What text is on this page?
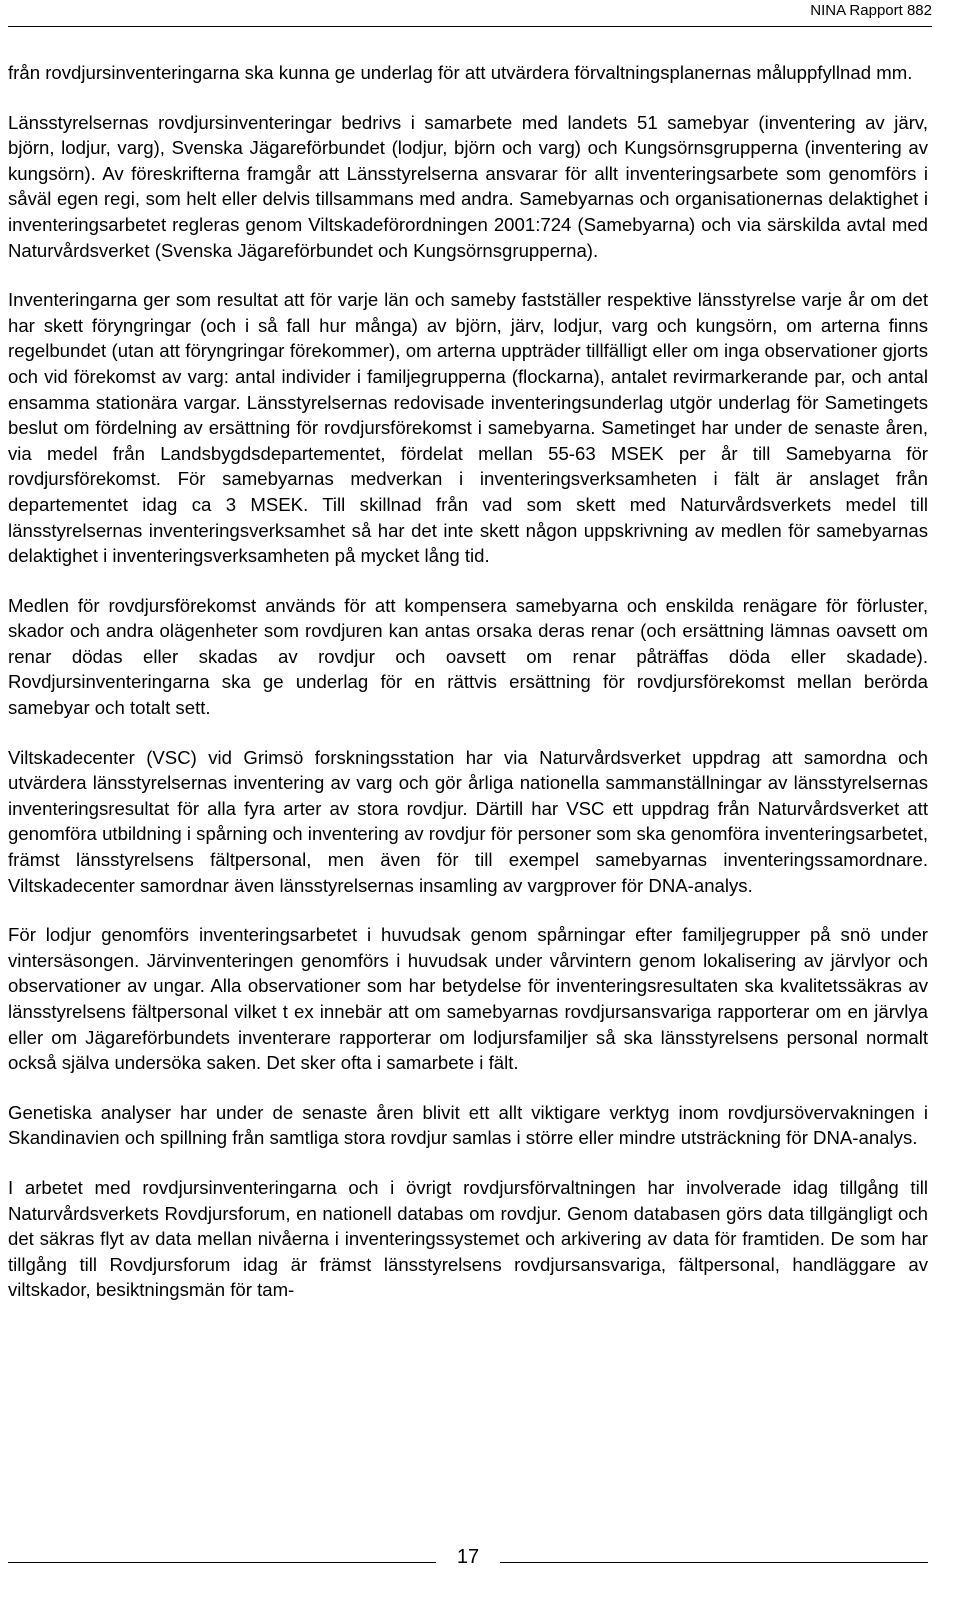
NINA Rapport 882

från rovdjursinventeringarna ska kunna ge underlag för att utvärdera förvaltningsplanernas måluppfyllnad mm.

Länsstyrelsernas rovdjursinventeringar bedrivs i samarbete med landets 51 samebyar (inventering av järv, björn, lodjur, varg), Svenska Jägareförbundet (lodjur, björn och varg) och Kungsörnsgrupperna (inventering av kungsörn). Av föreskrifterna framgår att Länsstyrelserna ansvarar för allt inventeringsarbete som genomförs i såväl egen regi, som helt eller delvis tillsammans med andra. Samebyarnas och organisationernas delaktighet i inventeringsarbetet regleras genom Viltskadeförordningen 2001:724 (Samebyarna) och via särskilda avtal med Naturvårdsverket (Svenska Jägareförbundet och Kungsörnsgrupperna).

Inventeringarna ger som resultat att för varje län och sameby fastställer respektive länsstyrelse varje år om det har skett föryngringar (och i så fall hur många) av björn, järv, lodjur, varg och kungsörn, om arterna finns regelbundet (utan att föryngringar förekommer), om arterna uppträder tillfälligt eller om inga observationer gjorts och vid förekomst av varg: antal individer i familjegrupperna (flockarna), antalet revirmarkerande par, och antal ensamma stationära vargar. Länsstyrelsernas redovisade inventeringsunderlag utgör underlag för Sametingets beslut om fördelning av ersättning för rovdjursförekomst i samebyarna. Sametinget har under de senaste åren, via medel från Landsbygdsdepartementet, fördelat mellan 55-63 MSEK per år till Samebyarna för rovdjursförekomst. För samebyarnas medverkan i inventeringsverksamheten i fält är anslaget från departementet idag ca 3 MSEK. Till skillnad från vad som skett med Naturvårdsverkets medel till länsstyrelsernas inventeringsverksamhet så har det inte skett någon uppskrivning av medlen för samebyarnas delaktighet i inventeringsverksamheten på mycket lång tid.

Medlen för rovdjursförekomst används för att kompensera samebyarna och enskilda renägare för förluster, skador och andra olägenheter som rovdjuren kan antas orsaka deras renar (och ersättning lämnas oavsett om renar dödas eller skadas av rovdjur och oavsett om renar påträffas döda eller skadade). Rovdjursinventeringarna ska ge underlag för en rättvis ersättning för rovdjursförekomst mellan berörda samebyar och totalt sett.

Viltskadecenter (VSC) vid Grimsö forskningsstation har via Naturvårdsverket uppdrag att samordna och utvärdera länsstyrelsernas inventering av varg och gör årliga nationella sammanställningar av länsstyrelsernas inventeringsresultat för alla fyra arter av stora rovdjur. Därtill har VSC ett uppdrag från Naturvårdsverket att genomföra utbildning i spårning och inventering av rovdjur för personer som ska genomföra inventeringsarbetet, främst länsstyrelsens fältpersonal, men även för till exempel samebyarnas inventeringssamordnare. Viltskadecenter samordnar även länsstyrelsernas insamling av vargprover för DNA-analys.

För lodjur genomförs inventeringsarbetet i huvudsak genom spårningar efter familjegrupper på snö under vintersäsongen. Järvinventeringen genomförs i huvudsak under vårvintern genom lokalisering av järvlyor och observationer av ungar. Alla observationer som har betydelse för inventeringsresultaten ska kvalitetssäkras av länsstyrelsens fältpersonal vilket t ex innebär att om samebyarnas rovdjursansvariga rapporterar om en järvlya eller om Jägareförbundets inventerare rapporterar om lodjursfamiljer så ska länsstyrelsens personal normalt också själva undersöka saken. Det sker ofta i samarbete i fält.

Genetiska analyser har under de senaste åren blivit ett allt viktigare verktyg inom rovdjursövervakningen i Skandinavien och spillning från samtliga stora rovdjur samlas i större eller mindre utsträckning för DNA-analys.

I arbetet med rovdjursinventeringarna och i övrigt rovdjursförvaltningen har involverade idag tillgång till Naturvårdsverkets Rovdjursforum, en nationell databas om rovdjur. Genom databasen görs data tillgängligt och det säkras flyt av data mellan nivåerna i inventeringssystemet och arkivering av data för framtiden. De som har tillgång till Rovdjursforum idag är främst länsstyrelsens rovdjursansvariga, fältpersonal, handläggare av viltskador, besiktningsmän för tam-

17
